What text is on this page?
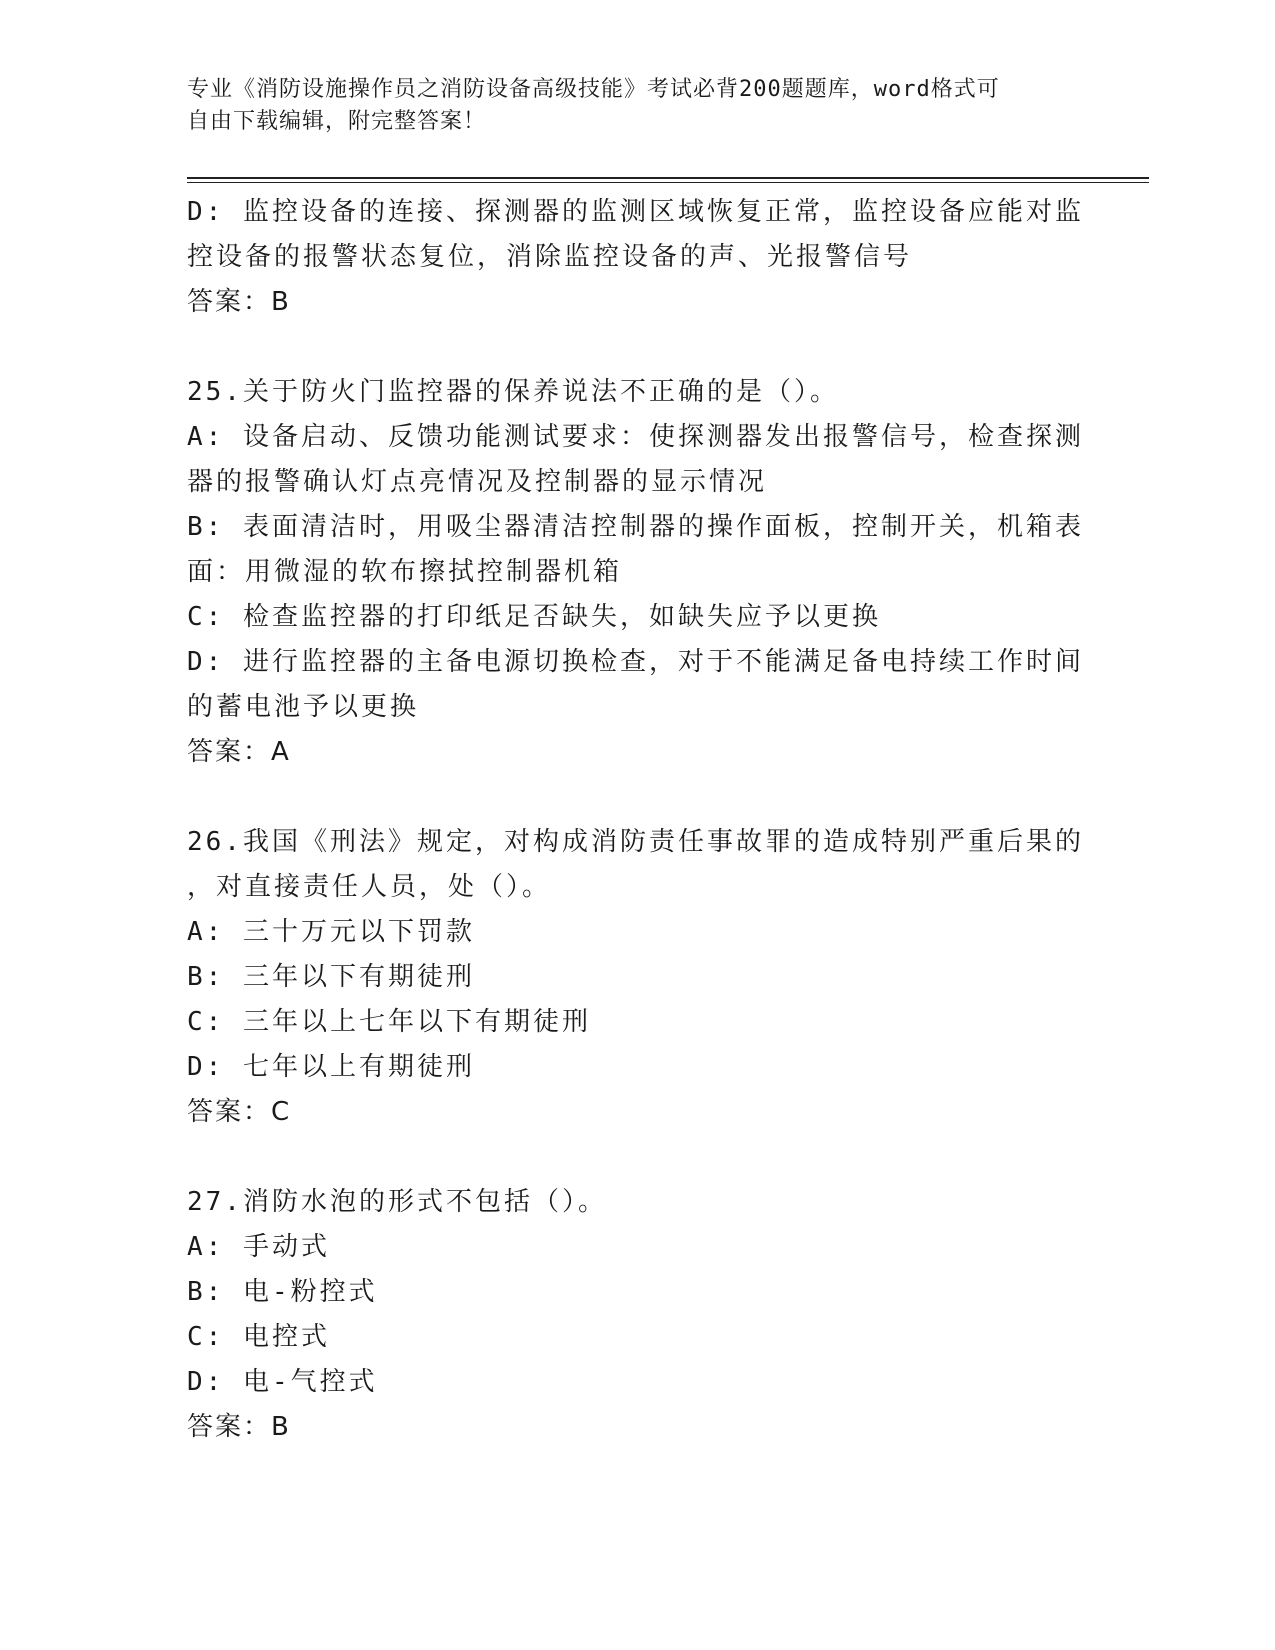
专业《消防设施操作员之消防设备高级技能》考试必背200题题库，word格式可
自由下载编辑，附完整答案！
D: 监控设备的连接、探测器的监测区域恢复正常，监控设备应能对监
控设备的报警状态复位，消除监控设备的声、光报警信号
答案：B
25.关于防火门监控器的保养说法不正确的是（）。
A: 设备启动、反馈功能测试要求：使探测器发出报警信号，检查探测
器的报警确认灯点亮情况及控制器的显示情况
B: 表面清洁时，用吸尘器清洁控制器的操作面板，控制开关，机箱表
面：用微湿的软布擦拭控制器机箱
C: 检查监控器的打印纸足否缺失，如缺失应予以更换
D: 进行监控器的主备电源切换检查，对于不能满足备电持续工作时间
的蓄电池予以更换
答案：A
26.我国《刑法》规定，对构成消防责任事故罪的造成特别严重后果的
，对直接责任人员，处（）。
A: 三十万元以下罚款
B: 三年以下有期徒刑
C: 三年以上七年以下有期徒刑
D: 七年以上有期徒刑
答案：C
27.消防水泡的形式不包括（）。
A: 手动式
B: 电-粉控式
C: 电控式
D: 电-气控式
答案：B
